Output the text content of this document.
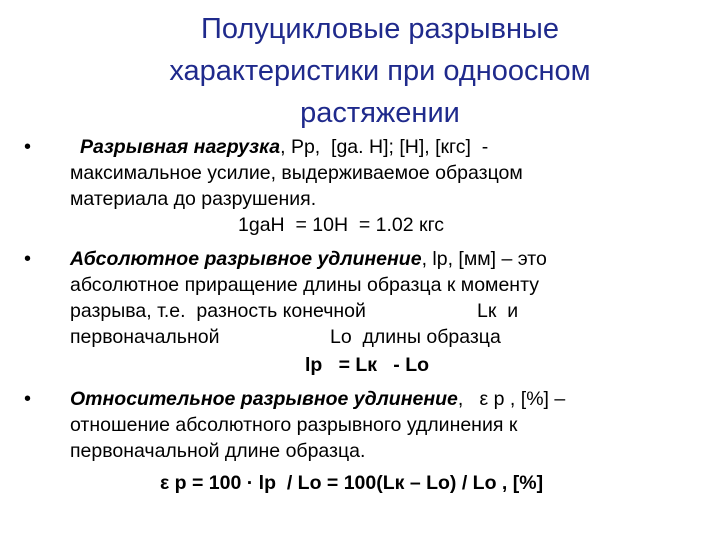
Полуцикловые разрывные
характеристики при одноосном
растяжении
•	Разрывная нагрузка, Рр,  [gа. Н]; [Н], [кгс]  -
максимальное усилие, выдерживаемое образцом
материала до разрушения.
1gаН  = 10Н  = 1.02 кгс
• Абсолютное разрывное удлинение, lр, [мм] – это
абсолютное приращение длины образца к моменту
разрыва, т.е.  разность конечной	Lк  и
первоначальной	Lо  длины образца
lр   = Lк   - Lо
• Относительное разрывное удлинение,   ε р , [%] –
отношение абсолютного разрывного удлинения к
первоначальной длине образца.
ε р = 100 · lр  / Lо = 100(Lк – Lо) / Lо , [%]
